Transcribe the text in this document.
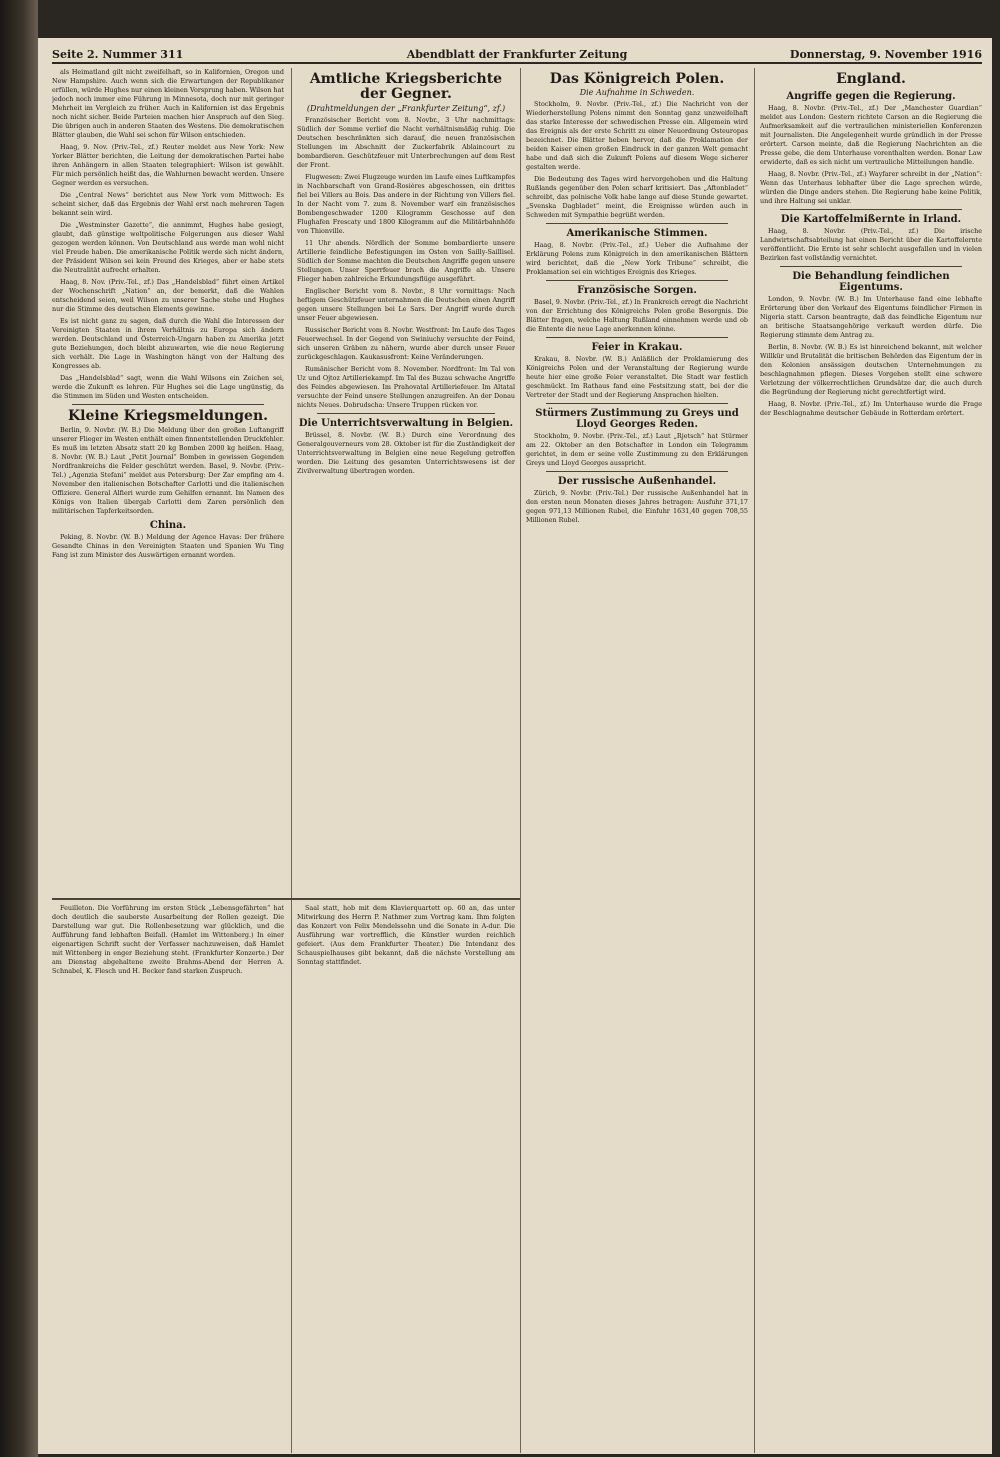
Seite 2. Nummer 311	Abendblatt der Frankfurter Zeitung	Donnerstag, 9. November 1916

als Heimatland gilt nicht zweifelhaft, so in Kalifornien, Oregon und New Hampshire. Auch wenn sich die Erwartungen der Republikaner erfüllen, würde Hughes nur einen kleinen Vorsprung haben. Wilson hat jedoch noch immer eine Führung in Minnesota, doch nur mit geringer Mehrheit im Vergleich zu früher. Auch in Kalifornien ist das Ergebnis noch nicht sicher. Beide Parteien machen hier Anspruch auf den Sieg. Die übrigen auch in anderen Staaten des Westens. Die demokratischen Blätter glauben, die Wahl sei schon für Wilson entschieden.

Haag, 9. Nov. (Priv.-Tel., zf.) Reuter meldet aus New York: New Yorker Blätter berichten, die Leitung der demokratischen Partei habe ihren Anhängern in allen Staaten telegraphiert: Wilson ist gewählt. Für mich persönlich heißt das, die Wahlurnen bewacht werden. Unsere Gegner werden es versuchen.

Die „Central News“ berichtet aus New York vom Mittwoch: Es scheint sicher, daß das Ergebnis der Wahl erst nach mehreren Tagen bekannt sein wird.

Die „Westminster Gazette“, die annimmt, Hughes habe gesiegt, glaubt, daß günstige weltpolitische Folgerungen aus dieser Wahl gezogen werden können. Von Deutschland aus werde man wohl nicht viel Freude haben. Die amerikanische Politik werde sich nicht ändern, der Präsident Wilson sei kein Freund des Krieges, aber er habe stets die Neutralität aufrecht erhalten.

Haag, 8. Nov. (Priv.-Tel., zf.) Das „Handelsblad“ führt einen Artikel der Wochenschrift „Nation“ an, der bemerkt, daß die Wahlen entscheidend seien, weil Wilson zu unserer Sache stehe und Hughes nur die Stimme des deutschen Elements gewinne.

Es ist nicht ganz zu sagen, daß durch die Wahl die Interessen der Vereinigten Staaten in ihrem Verhältnis zu Europa sich ändern werden. Deutschland und Österreich-Ungarn haben zu Amerika jetzt gute Beziehungen, doch bleibt abzuwarten, wie die neue Regierung sich verhält. Die Lage in Washington hängt von der Haltung des Kongresses ab.

Das „Handelsblad“ sagt, wenn die Wahl Wilsons ein Zeichen sei, werde die Zukunft es lehren. Für Hughes sei die Lage ungünstig, da die Stimmen im Süden und Westen entscheiden.

Kleine Kriegsmeldungen.

Berlin, 9. Novbr. (W. B.) Die Meldung über den großen Luftangriff unserer Flieger im Westen enthält einen finnentstellenden Druckfehler. Es muß im letzten Absatz statt 20 kg Bomben 2000 kg heißen. Haag, 8. Novbr. (W. B.) Laut „Petit Journal“ Bomben in gewissen Gegenden Nordfrankreichs die Felder geschützt werden. Basel, 9. Novbr. (Priv.-Tel.) „Agenzia Stefani“ meldet aus Petersburg: Der Zar empfing am 4. November den italienischen Botschafter Carlotti und die italienischen Offiziere. General Alfieri wurde zum Gehilfen ernannt. Im Namen des Königs von Italien übergab Carlotti dem Zaren persönlich den militärischen Tapferkeitsorden.

China.

Peking, 8. Novbr. (W. B.) Meldung der Agence Havas: Der frühere Gesandte Chinas in den Vereinigten Staaten und Spanien Wu Ting Fang ist zum Minister des Auswärtigen ernannt worden.

Amtliche Kriegsberichte der Gegner.
(Drahtmeldungen der „Frankfurter Zeitung“, zf.)

Französischer Bericht vom 8. Novbr., 3 Uhr nachmittags: Südlich der Somme verlief die Nacht verhältnismäßig ruhig. Die Deutschen beschränkten sich darauf, die neuen französischen Stellungen im Abschnitt der Zuckerfabrik Ablaincourt zu bombardieren. Geschützfeuer mit Unterbrechungen auf dem Rest der Front.

Flugwesen: Zwei Flugzeuge wurden im Laufe eines Luftkampfes in Nachbarschaft von Grand-Rosières abgeschossen, ein drittes fiel bei Villers au Bois. Das andere in der Richtung von Villers fiel. In der Nacht vom 7. zum 8. November warf ein französisches Bombengeschwader 1200 Kilogramm Geschosse auf den Flughafen Frescaty und 1800 Kilogramm auf die Militärbahnhöfe von Thionville.

11 Uhr abends. Nördlich der Somme bombardierte unsere Artillerie feindliche Befestigungen im Osten von Sailly-Saillisel. Südlich der Somme machten die Deutschen Angriffe gegen unsere Stellungen. Unser Sperrfeuer brach die Angriffe ab. Unsere Flieger haben zahlreiche Erkundungsflüge ausgeführt.

Englischer Bericht vom 8. Novbr., 8 Uhr vormittags: Nach heftigem Geschützfeuer unternahmen die Deutschen einen Angriff gegen unsere Stellungen bei Le Sars. Der Angriff wurde durch unser Feuer abgewiesen.

Russischer Bericht vom 8. Novbr. Westfront: Im Laufe des Tages Feuerwechsel. In der Gegend von Swiniuchy versuchte der Feind, sich unseren Gräben zu nähern, wurde aber durch unser Feuer zurückgeschlagen. Kaukasusfront: Keine Veränderungen.

Rumänischer Bericht vom 8. November. Nordfront: Im Tal von Uz und Ojtoz Artilleriekampf. Im Tal des Buzau schwache Angriffe des Feindes abgewiesen. Im Prahovatal Artilleriefeuer. Im Altatal versuchte der Feind unsere Stellungen anzugreifen. An der Donau nichts Neues. Dobrudscha: Unsere Truppen rücken vor.

Die Unterrichtsverwaltung in Belgien.

Brüssel, 8. Novbr. (W. B.) Durch eine Verordnung des Generalgouverneurs vom 28. Oktober ist für die Zuständigkeit der Unterrichtsverwaltung in Belgien eine neue Regelung getroffen worden. Die Leitung des gesamten Unterrichtswesens ist der Zivilverwaltung übertragen worden.

Das Königreich Polen.
Die Aufnahme in Schweden.

Stockholm, 9. Novbr. (Priv.-Tel., zf.) Die Nachricht von der Wiederherstellung Polens nimmt den Sonntag ganz unzweifelhaft das starke Interesse der schwedischen Presse ein. Allgemein wird das Ereignis als der erste Schritt zu einer Neuordnung Osteuropas bezeichnet. Die Blätter heben hervor, daß die Proklamation der beiden Kaiser einen großen Eindruck in der ganzen Welt gemacht habe und daß sich die Zukunft Polens auf diesem Wege sicherer gestalten werde.

Die Bedeutung des Tages wird hervorgehoben und die Haltung Rußlands gegenüber den Polen scharf kritisiert. Das „Aftonbladet“ schreibt, das polnische Volk habe lange auf diese Stunde gewartet. „Svenska Dagbladet“ meint, die Ereignisse würden auch in Schweden mit Sympathie begrüßt werden.

Amerikanische Stimmen.

Haag, 8. Novbr. (Priv.-Tel., zf.) Ueber die Aufnahme der Erklärung Polens zum Königreich in den amerikanischen Blättern wird berichtet, daß die „New York Tribune“ schreibt, die Proklamation sei ein wichtiges Ereignis des Krieges.

Französische Sorgen.

Basel, 9. Novbr. (Priv.-Tel., zf.) In Frankreich erregt die Nachricht von der Errichtung des Königreichs Polen große Besorgnis. Die Blätter fragen, welche Haltung Rußland einnehmen werde und ob die Entente die neue Lage anerkennen könne.

Feier in Krakau.

Krakau, 8. Novbr. (W. B.) Anläßlich der Proklamierung des Königreichs Polen und der Veranstaltung der Regierung wurde heute hier eine große Feier veranstaltet. Die Stadt war festlich geschmückt. Im Rathaus fand eine Festsitzung statt, bei der die Vertreter der Stadt und der Regierung Ansprachen hielten.

Stürmers Zustimmung zu Greys und Lloyd Georges Reden.

Stockholm, 9. Novbr. (Priv.-Tel., zf.) Laut „Rjetsch“ hat Stürmer am 22. Oktober an den Botschafter in London ein Telegramm gerichtet, in dem er seine volle Zustimmung zu den Erklärungen Greys und Lloyd Georges ausspricht.

Der russische Außenhandel.

Zürich, 9. Novbr. (Priv.-Tel.) Der russische Außenhandel hat in den ersten neun Monaten dieses Jahres betragen: Ausfuhr 371,17 gegen 971,13 Millionen Rubel, die Einfuhr 1631,40 gegen 708,55 Millionen Rubel.

England.
Angriffe gegen die Regierung.

Haag, 8. Novbr. (Priv.-Tel., zf.) Der „Manchester Guardian“ meldet aus London: Gestern richtete Carson an die Regierung die Aufmerksamkeit auf die vertraulichen ministeriellen Konferenzen mit Journalisten. Die Angelegenheit wurde gründlich in der Presse erörtert. Carson meinte, daß die Regierung Nachrichten an die Presse gebe, die dem Unterhause vorenthalten werden. Bonar Law erwiderte, daß es sich nicht um vertrauliche Mitteilungen handle.

Haag, 8. Novbr. (Priv.-Tel., zf.) Wayfarer schreibt in der „Nation“: Wenn das Unterhaus lebhafter über die Lage sprechen würde, würden die Dinge anders stehen. Die Regierung habe keine Politik, und ihre Haltung sei unklar.

Die Kartoffelmißernte in Irland.

Haag, 8. Novbr. (Priv.-Tel., zf.) Die irische Landwirtschaftsabteilung hat einen Bericht über die Kartoffelernte veröffentlicht. Die Ernte ist sehr schlecht ausgefallen und in vielen Bezirken fast vollständig vernichtet.

Die Behandlung feindlichen Eigentums.

London, 9. Novbr. (W. B.) Im Unterhause fand eine lebhafte Erörterung über den Verkauf des Eigentums feindlicher Firmen in Nigeria statt. Carson beantragte, daß das feindliche Eigentum nur an britische Staatsangehörige verkauft werden dürfe. Die Regierung stimmte dem Antrag zu.

Berlin, 8. Novbr. (W. B.) Es ist hinreichend bekannt, mit welcher Willkür und Brutalität die britischen Behörden das Eigentum der in den Kolonien ansässigen deutschen Unternehmungen zu beschlagnahmen pflegen. Dieses Vorgehen stellt eine schwere Verletzung der völkerrechtlichen Grundsätze dar, die auch durch die Begründung der Regierung nicht gerechtfertigt wird.

Haag, 8. Novbr. (Priv.-Tel., zf.) Im Unterhause wurde die Frage der Beschlagnahme deutscher Gebäude in Rotterdam erörtert.

Feuilleton. Die Vorführung im ersten Stück „Lebensgefährten“ hat doch deutlich die sauberste Ausarbeitung der Rollen gezeigt. Die Darstellung war gut. Die Rollenbesetzung war glücklich, und die Aufführung fand lebhaften Beifall. (Hamlet im Wittenberg.) In einer eigenartigen Schrift sucht der Verfasser nachzuweisen, daß Hamlet mit Wittenberg in enger Beziehung steht. (Frankfurter Konzerte.) Der am Dienstag abgehaltene zweite Brahms-Abend der Herren A. Schnabel, K. Flesch und H. Becker fand starken Zuspruch.

Saal statt, hob mit dem Klavierquartett op. 60 an, das unter Mitwirkung des Herrn P. Nathmer zum Vortrag kam. Ihm folgten das Konzert von Felix Mendelssohn und die Sonate in A-dur. Die Ausführung war vortrefflich, die Künstler wurden reichlich gefeiert. (Aus dem Frankfurter Theater.) Die Intendanz des Schauspielhauses gibt bekannt, daß die nächste Vorstellung am Sonntag stattfindet.
